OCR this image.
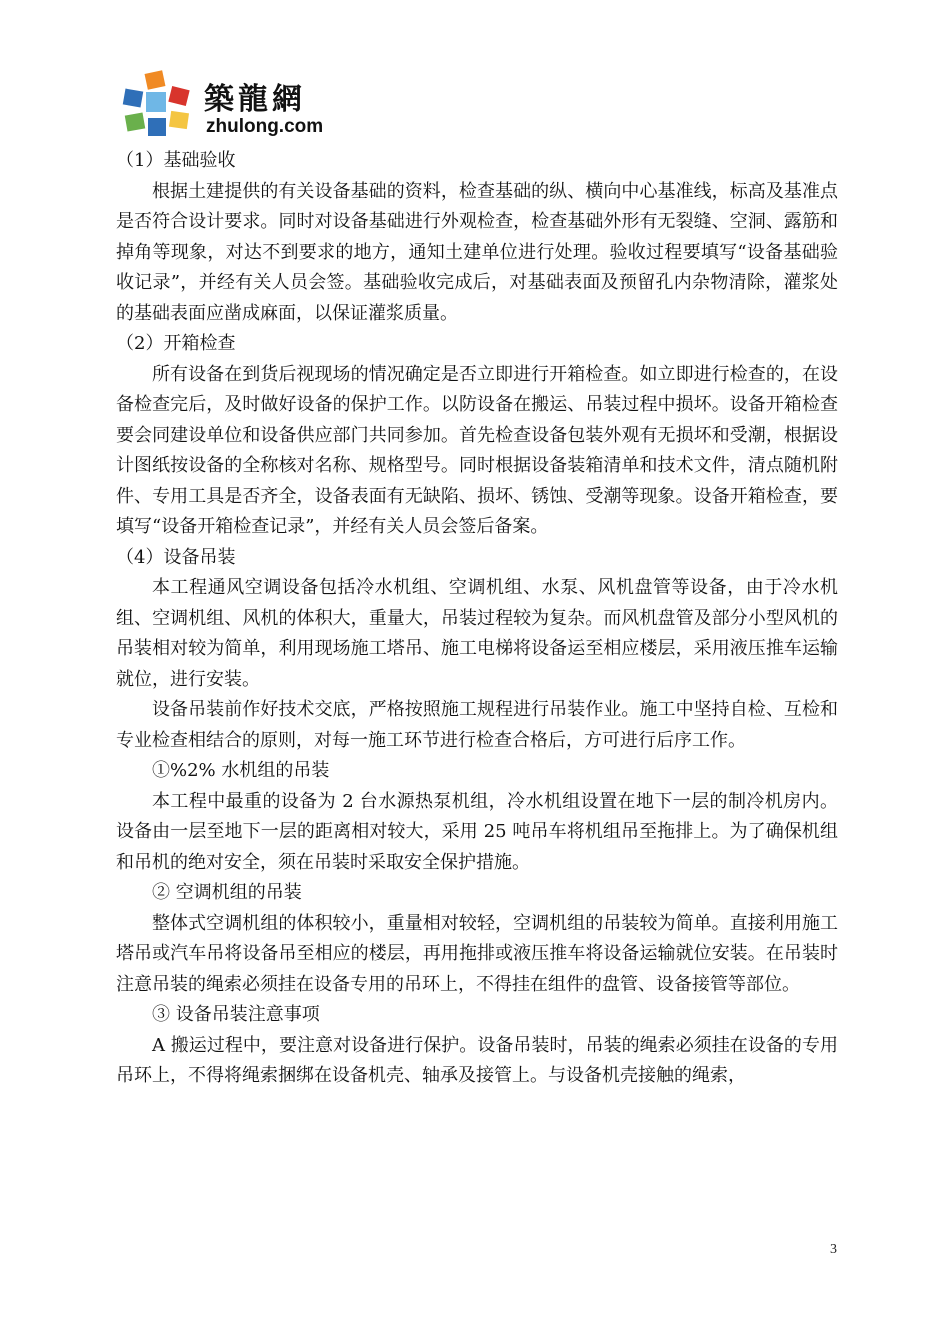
築龍網
zhulong.com

（1）基础验收

根据土建提供的有关设备基础的资料，检查基础的纵、横向中心基准线，标高及基准点是否符合设计要求。同时对设备基础进行外观检查，检查基础外形有无裂缝、空洞、露筋和掉角等现象，对达不到要求的地方，通知土建单位进行处理。验收过程要填写“设备基础验收记录”，并经有关人员会签。基础验收完成后，对基础表面及预留孔内杂物清除，灌浆处的基础表面应凿成麻面，以保证灌浆质量。

（2）开箱检查

所有设备在到货后视现场的情况确定是否立即进行开箱检查。如立即进行检查的，在设备检查完后，及时做好设备的保护工作。以防设备在搬运、吊装过程中损坏。设备开箱检查要会同建设单位和设备供应部门共同参加。首先检查设备包装外观有无损坏和受潮，根据设计图纸按设备的全称核对名称、规格型号。同时根据设备装箱清单和技术文件，清点随机附件、专用工具是否齐全，设备表面有无缺陷、损坏、锈蚀、受潮等现象。设备开箱检查，要填写“设备开箱检查记录”，并经有关人员会签后备案。

（4）设备吊装

本工程通风空调设备包括冷水机组、空调机组、水泵、风机盘管等设备，由于冷水机组、空调机组、风机的体积大，重量大，吊装过程较为复杂。而风机盘管及部分小型风机的吊装相对较为简单，利用现场施工塔吊、施工电梯将设备运至相应楼层，采用液压推车运输就位，进行安装。

设备吊装前作好技术交底，严格按照施工规程进行吊装作业。施工中坚持自检、互检和专业检查相结合的原则，对每一施工环节进行检查合格后，方可进行后序工作。

①%2% 水机组的吊装

本工程中最重的设备为 2 台水源热泵机组，冷水机组设置在地下一层的制冷机房内。设备由一层至地下一层的距离相对较大，采用 25 吨吊车将机组吊至拖排上。为了确保机组和吊机的绝对安全，须在吊装时采取安全保护措施。

② 空调机组的吊装

整体式空调机组的体积较小，重量相对较轻，空调机组的吊装较为简单。直接利用施工塔吊或汽车吊将设备吊至相应的楼层，再用拖排或液压推车将设备运输就位安装。在吊装时注意吊装的绳索必须挂在设备专用的吊环上，不得挂在组件的盘管、设备接管等部位。

③ 设备吊装注意事项

A 搬运过程中，要注意对设备进行保护。设备吊装时，吊装的绳索必须挂在设备的专用吊环上，不得将绳索捆绑在设备机壳、轴承及接管上。与设备机壳接触的绳索，

3
